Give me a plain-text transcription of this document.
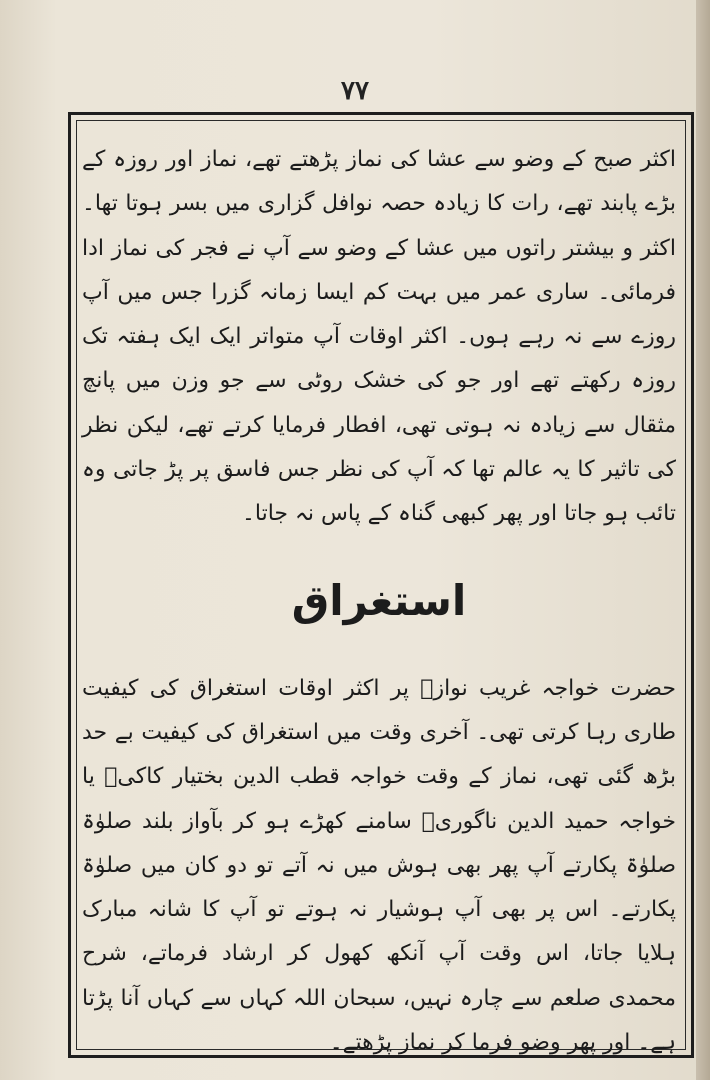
۷۷

اکثر صبح کے وضو سے عشا کی نماز پڑھتے تھے، نماز اور روزہ کے بڑے پابند تھے، رات کا زیادہ حصہ نوافل گزاری میں بسر ہوتا تھا۔ اکثر و بیشتر راتوں میں عشا کے وضو سے آپ نے فجر کی نماز ادا فرمائی۔ ساری عمر میں بہت کم ایسا زمانہ گزرا جس میں آپ روزے سے نہ رہے ہوں۔ اکثر اوقات آپ متواتر ایک ایک ہفتہ تک روزہ رکھتے تھے اور جو کی خشک روٹی سے جو وزن میں پانچ مثقال سے زیادہ نہ ہوتی تھی، افطار فرمایا کرتے تھے، لیکن نظر کی تاثیر کا یہ عالم تھا کہ آپ کی نظر جس فاسق پر پڑ جاتی وہ تائب ہو جاتا اور پھر کبھی گناہ کے پاس نہ جاتا۔

استغراق

حضرت خواجہ غریب نوازؒ پر اکثر اوقات استغراق کی کیفیت طاری رہا کرتی تھی۔ آخری وقت میں استغراق کی کیفیت بے حد بڑھ گئی تھی، نماز کے وقت خواجہ قطب الدین بختیار کاکیؒ یا خواجہ حمید الدین ناگوریؒ سامنے کھڑے ہو کر بآواز بلند صلوٰۃ صلوٰۃ پکارتے آپ پھر بھی ہوش میں نہ آتے تو دو کان میں صلوٰۃ پکارتے۔ اس پر بھی آپ ہوشیار نہ ہوتے تو آپ کا شانہ مبارک ہلایا جاتا، اس وقت آپ آنکھ کھول کر ارشاد فرماتے، شرح محمدی صلعم سے چارہ نہیں، سبحان اللہ کہاں سے کہاں آنا پڑتا ہے۔ اور پھر وضو فرما کر نماز پڑھتے۔
